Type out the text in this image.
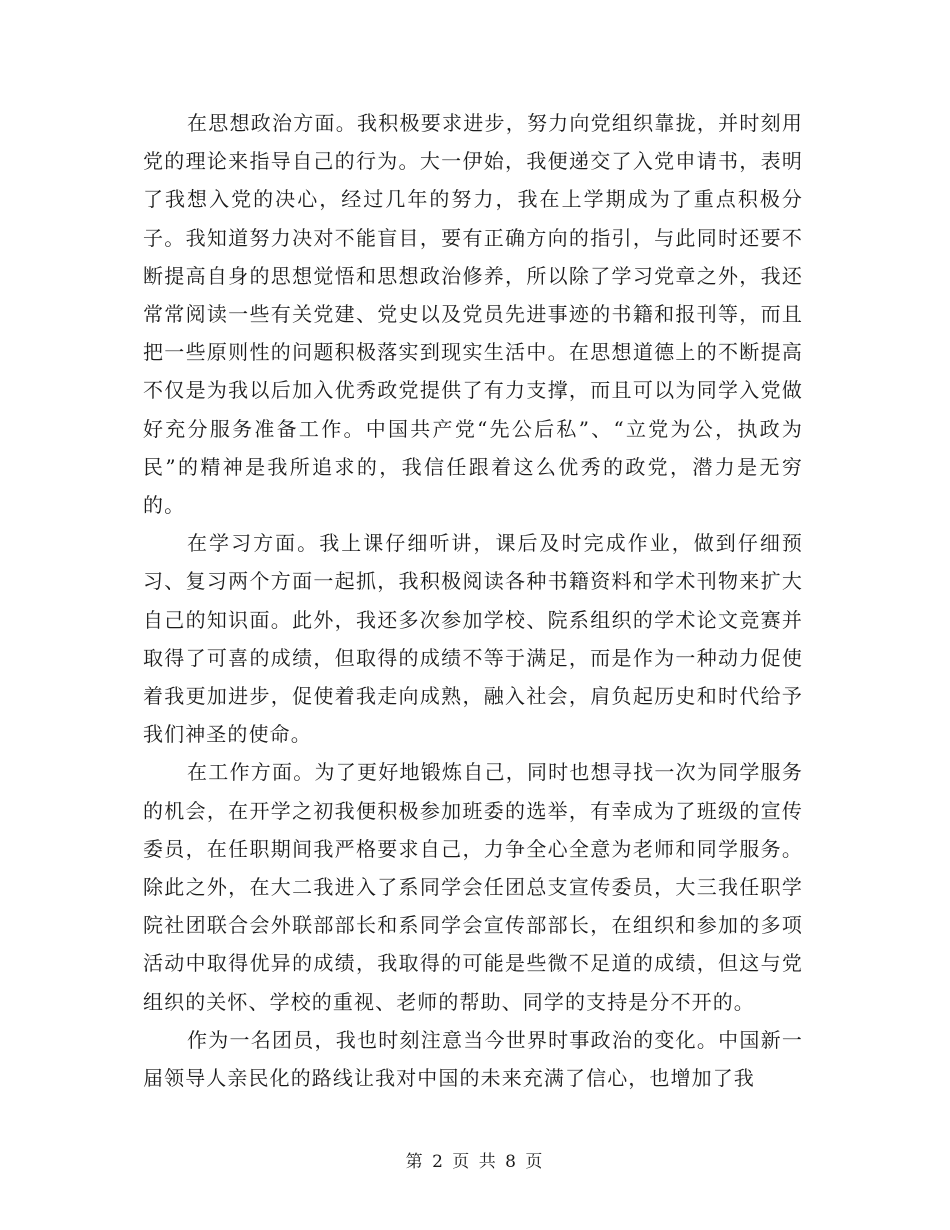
在思想政治方面。我积极要求进步，努力向党组织靠拢，并时刻用党的理论来指导自己的行为。大一伊始，我便递交了入党申请书，表明了我想入党的决心，经过几年的努力，我在上学期成为了重点积极分子。我知道努力决对不能盲目，要有正确方向的指引，与此同时还要不断提高自身的思想觉悟和思想政治修养，所以除了学习党章之外，我还常常阅读一些有关党建、党史以及党员先进事迹的书籍和报刊等，而且把一些原则性的问题积极落实到现实生活中。在思想道德上的不断提高不仅是为我以后加入优秀政党提供了有力支撑，而且可以为同学入党做好充分服务准备工作。中国共产党“先公后私”、“立党为公，执政为民”的精神是我所追求的，我信任跟着这么优秀的政党，潜力是无穷的。

在学习方面。我上课仔细听讲，课后及时完成作业，做到仔细预习、复习两个方面一起抓，我积极阅读各种书籍资料和学术刊物来扩大自己的知识面。此外，我还多次参加学校、院系组织的学术论文竞赛并取得了可喜的成绩，但取得的成绩不等于满足，而是作为一种动力促使着我更加进步，促使着我走向成熟，融入社会，肩负起历史和时代给予我们神圣的使命。

在工作方面。为了更好地锻炼自己，同时也想寻找一次为同学服务的机会，在开学之初我便积极参加班委的选举，有幸成为了班级的宣传委员，在任职期间我严格要求自己，力争全心全意为老师和同学服务。除此之外，在大二我进入了系同学会任团总支宣传委员，大三我任职学院社团联合会外联部部长和系同学会宣传部部长，在组织和参加的多项活动中取得优异的成绩，我取得的可能是些微不足道的成绩，但这与党组织的关怀、学校的重视、老师的帮助、同学的支持是分不开的。

作为一名团员，我也时刻注意当今世界时事政治的变化。中国新一届领导人亲民化的路线让我对中国的未来充满了信心，也增加了我

第 2 页 共 8 页
